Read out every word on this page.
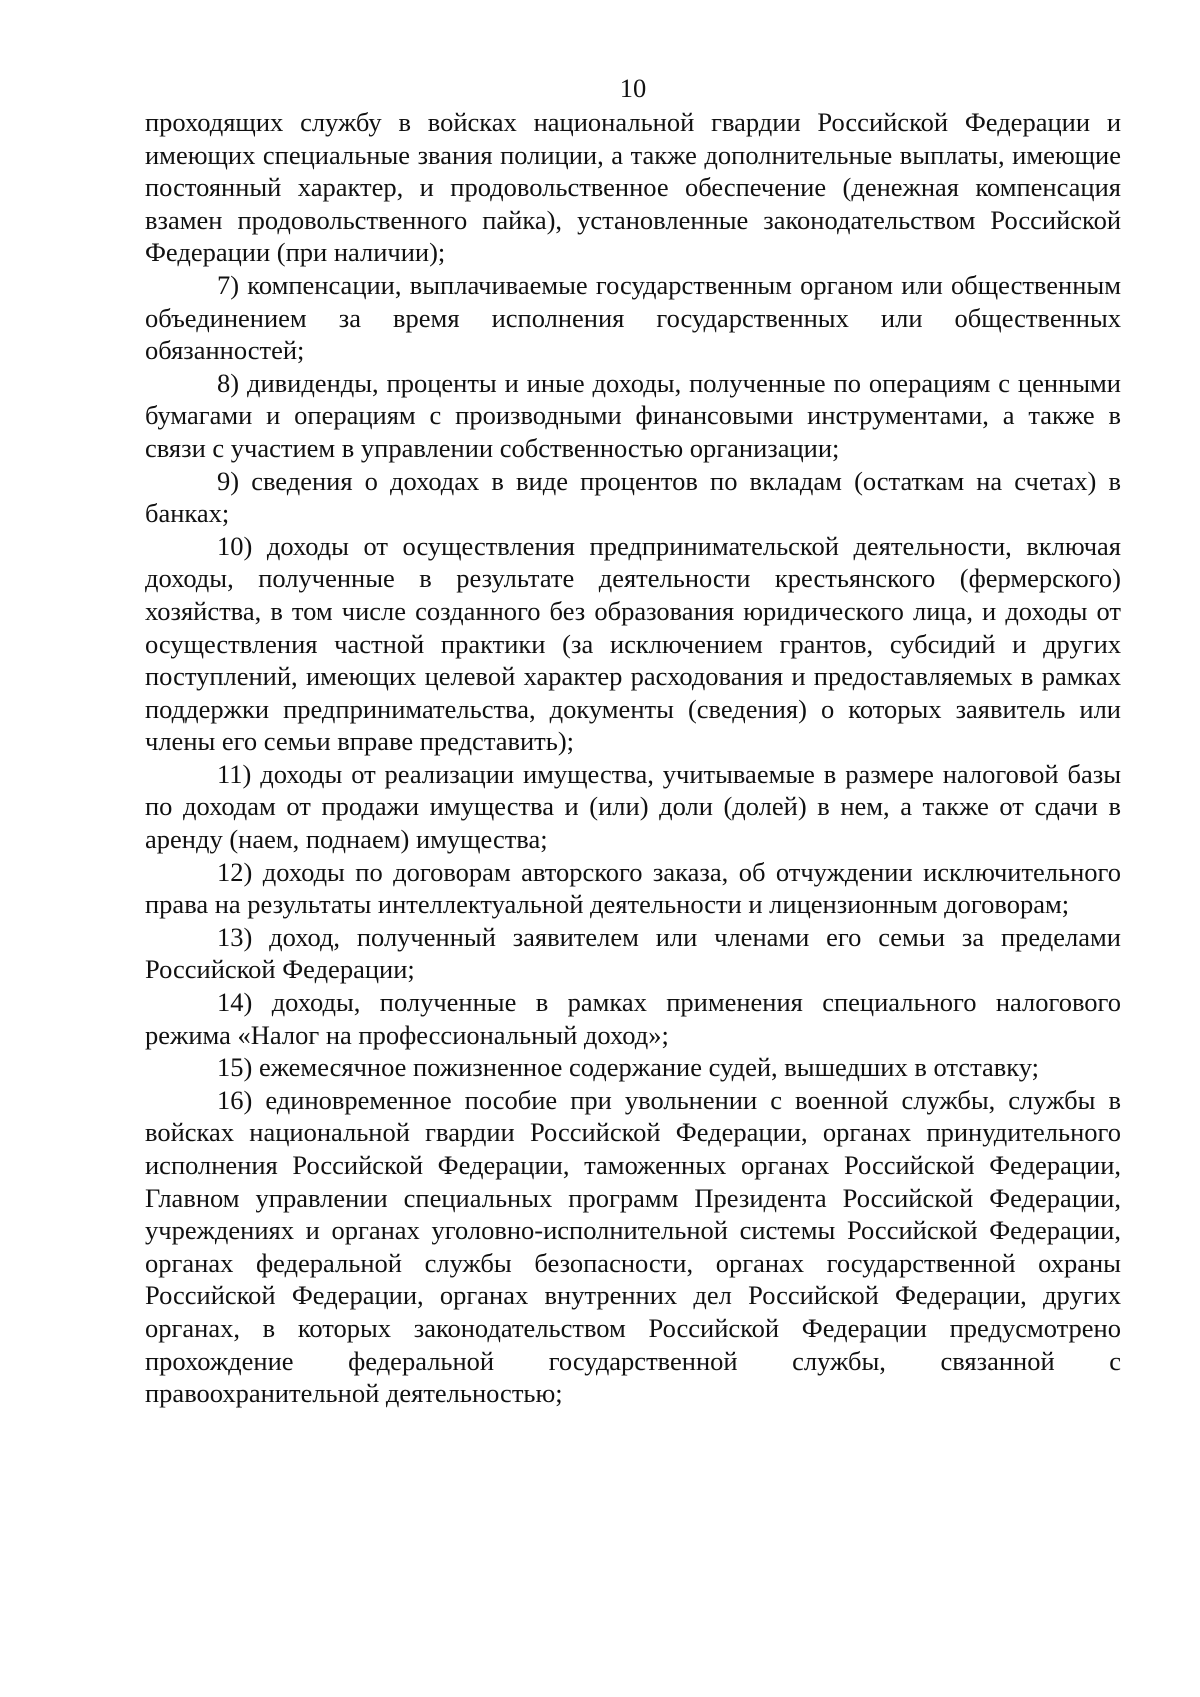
10

проходящих службу в войсках национальной гвардии Российской Федерации и имеющих специальные звания полиции, а также дополнительные выплаты, имеющие постоянный характер, и продовольственное обеспечение (денежная компенсация взамен продовольственного пайка), установленные законодательством Российской Федерации (при наличии);

7) компенсации, выплачиваемые государственным органом или общественным объединением за время исполнения государственных или общественных обязанностей;

8) дивиденды, проценты и иные доходы, полученные по операциям с ценными бумагами и операциям с производными финансовыми инструментами, а также в связи с участием в управлении собственностью организации;

9) сведения о доходах в виде процентов по вкладам (остаткам на счетах) в банках;

10) доходы от осуществления предпринимательской деятельности, включая доходы, полученные в результате деятельности крестьянского (фермерского) хозяйства, в том числе созданного без образования юридического лица, и доходы от осуществления частной практики (за исключением грантов, субсидий и других поступлений, имеющих целевой характер расходования и предоставляемых в рамках поддержки предпринимательства, документы (сведения) о которых заявитель или члены его семьи вправе представить);

11) доходы от реализации имущества, учитываемые в размере налоговой базы по доходам от продажи имущества и (или) доли (долей) в нем, а также от сдачи в аренду (наем, поднаем) имущества;

12) доходы по договорам авторского заказа, об отчуждении исключительного права на результаты интеллектуальной деятельности и лицензионным договорам;

13) доход, полученный заявителем или членами его семьи за пределами Российской Федерации;

14) доходы, полученные в рамках применения специального налогового режима «Налог на профессиональный доход»;

15) ежемесячное пожизненное содержание судей, вышедших в отставку;

16) единовременное пособие при увольнении с военной службы, службы в войсках национальной гвардии Российской Федерации, органах принудительного исполнения Российской Федерации, таможенных органах Российской Федерации, Главном управлении специальных программ Президента Российской Федерации, учреждениях и органах уголовно-исполнительной системы Российской Федерации, органах федеральной службы безопасности, органах государственной охраны Российской Федерации, органах внутренних дел Российской Федерации, других органах, в которых законодательством Российской Федерации предусмотрено прохождение федеральной государственной службы, связанной с правоохранительной деятельностью;
